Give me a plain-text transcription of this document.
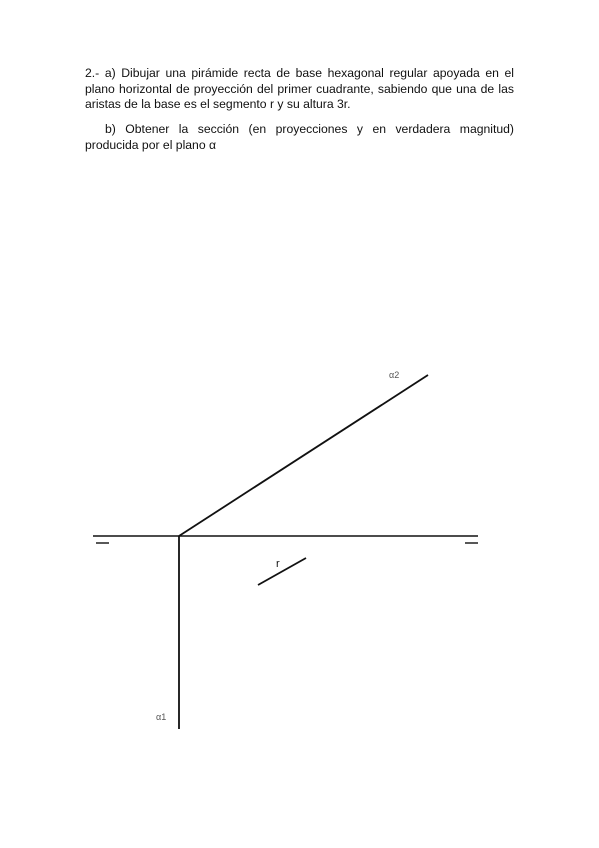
2.- a) Dibujar una pirámide recta de base hexagonal regular apoyada en el plano horizontal de proyección del primer cuadrante, sabiendo que una de las aristas de la base es el segmento r y su altura 3r.

b) Obtener la sección (en proyecciones y en verdadera magnitud) producida por el plano α

α2
α1
r
